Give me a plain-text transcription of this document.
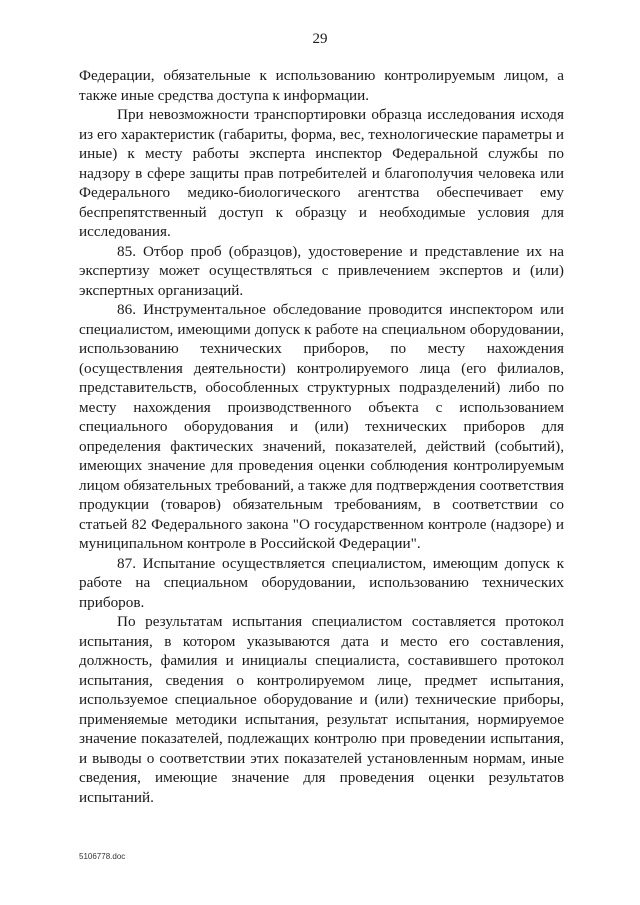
29

Федерации, обязательные к использованию контролируемым лицом, а также иные средства доступа к информации.

При невозможности транспортировки образца исследования исходя из его характеристик (габариты, форма, вес, технологические параметры и иные) к месту работы эксперта инспектор Федеральной службы по надзору в сфере защиты прав потребителей и благополучия человека или Федерального медико-биологического агентства обеспечивает ему беспрепятственный доступ к образцу и необходимые условия для исследования.

85. Отбор проб (образцов), удостоверение и представление их на экспертизу может осуществляться с привлечением экспертов и (или) экспертных организаций.

86. Инструментальное обследование проводится инспектором или специалистом, имеющими допуск к работе на специальном оборудовании, использованию технических приборов, по месту нахождения (осуществления деятельности) контролируемого лица (его филиалов, представительств, обособленных структурных подразделений) либо по месту нахождения производственного объекта с использованием специального оборудования и (или) технических приборов для определения фактических значений, показателей, действий (событий), имеющих значение для проведения оценки соблюдения контролируемым лицом обязательных требований, а также для подтверждения соответствия продукции (товаров) обязательным требованиям, в соответствии со статьей 82 Федерального закона "О государственном контроле (надзоре) и муниципальном контроле в Российской Федерации".

87. Испытание осуществляется специалистом, имеющим допуск к работе на специальном оборудовании, использованию технических приборов.

По результатам испытания специалистом составляется протокол испытания, в котором указываются дата и место его составления, должность, фамилия и инициалы специалиста, составившего протокол испытания, сведения о контролируемом лице, предмет испытания, используемое специальное оборудование и (или) технические приборы, применяемые методики испытания, результат испытания, нормируемое значение показателей, подлежащих контролю при проведении испытания, и выводы о соответствии этих показателей установленным нормам, иные сведения, имеющие значение для проведения оценки результатов испытаний.

5106778.doc
